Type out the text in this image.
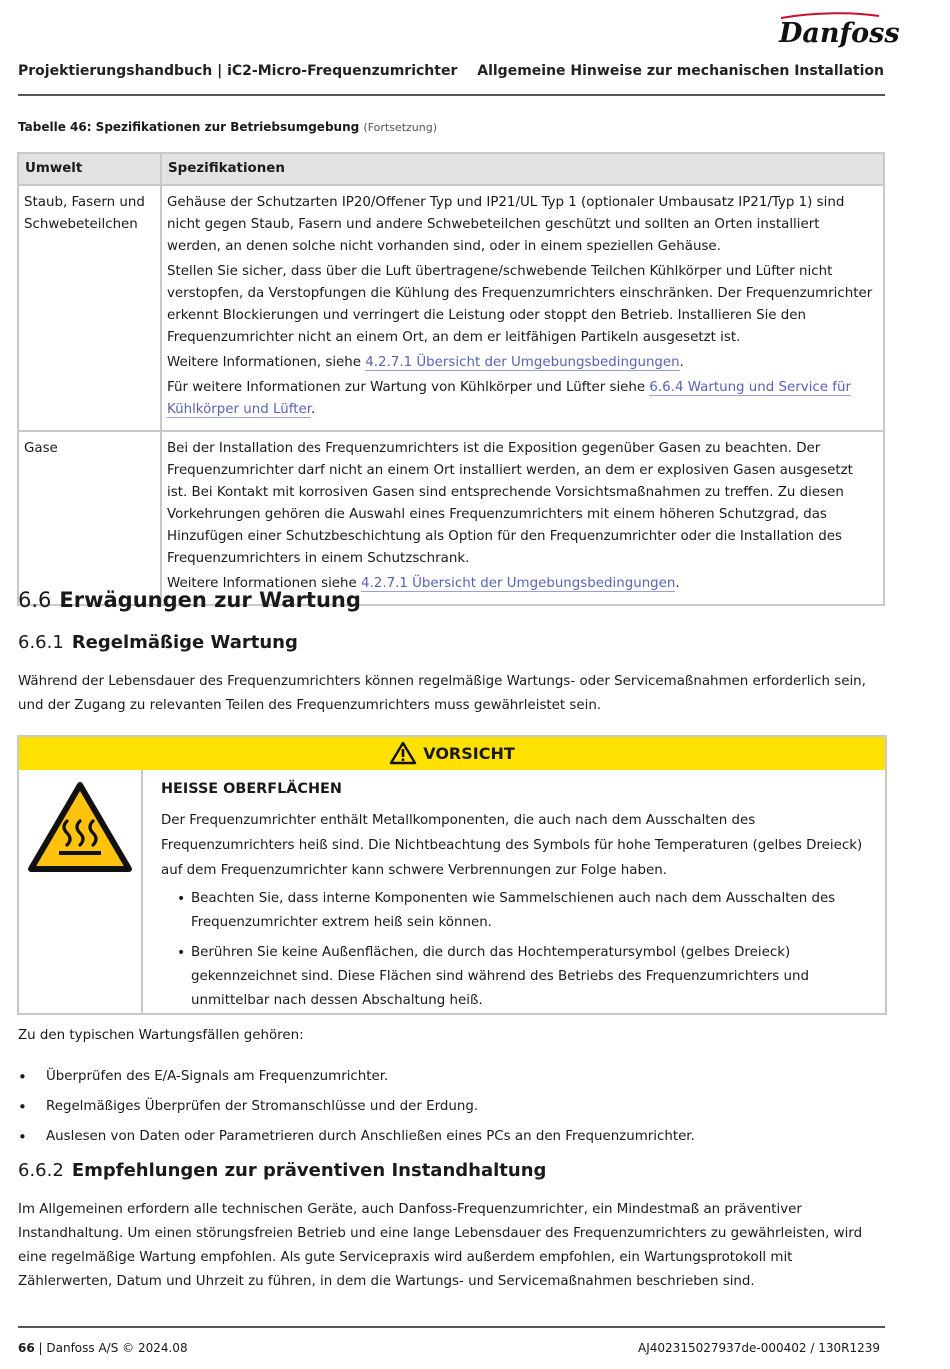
Danfoss
Projektierungshandbuch | iC2-Micro-Frequenzumrichter Allgemeine Hinweise zur mechanischen Installation
Tabelle 46: Spezifikationen zur Betriebsumgebung (Fortsetzung)
Umwelt	Spezifikationen
Staub, Fasern und Schwebeteilchen	Gehäuse der Schutzarten IP20/Offener Typ und IP21/UL Typ 1 (optionaler Umbausatz IP21/Typ 1) sind nicht gegen Staub, Fasern und andere Schwebeteilchen geschützt und sollten an Orten installiert werden, an denen solche nicht vorhanden sind, oder in einem speziellen Gehäuse.

Stellen Sie sicher, dass über die Luft übertragene/schwebende Teilchen Kühlkörper und Lüfter nicht verstopfen, da Verstopfungen die Kühlung des Frequenzumrichters einschränken. Der Frequenzumrichter erkennt Blockierungen und verringert die Leistung oder stoppt den Betrieb. Installieren Sie den Frequenzumrichter nicht an einem Ort, an dem er leitfähigen Partikeln ausgesetzt ist.

Weitere Informationen, siehe 4.2.7.1 Übersicht der Umgebungsbedingungen.

Für weitere Informationen zur Wartung von Kühlkörper und Lüfter siehe 6.6.4 Wartung und Service für Kühlkörper und Lüfter.

Gase	Bei der Installation des Frequenzumrichters ist die Exposition gegenüber Gasen zu beachten. Der Frequenzumrichter darf nicht an einem Ort installiert werden, an dem er explosiven Gasen ausgesetzt ist. Bei Kontakt mit korrosiven Gasen sind entsprechende Vorsichtsmaßnahmen zu treffen. Zu diesen Vorkehrungen gehören die Auswahl eines Frequenzumrichters mit einem höheren Schutzgrad, das Hinzufügen einer Schutzbeschichtung als Option für den Frequenzumrichter oder die Installation des Frequenzumrichters in einem Schutzschrank.

Weitere Informationen siehe 4.2.7.1 Übersicht der Umgebungsbedingungen.

6.6 Erwägungen zur Wartung
6.6.1 Regelmäßige Wartung
Während der Lebensdauer des Frequenzumrichters können regelmäßige Wartungs- oder Servicemaßnahmen erforderlich sein, und der Zugang zu relevanten Teilen des Frequenzumrichters muss gewährleistet sein.
VORSICHT
HEISSE OBERFLÄCHEN
Der Frequenzumrichter enthält Metallkomponenten, die auch nach dem Ausschalten des Frequenzumrichters heiß sind. Die Nichtbeachtung des Symbols für hohe Temperaturen (gelbes Dreieck) auf dem Frequenzumrichter kann schwere Verbrennungen zur Folge haben.
• Beachten Sie, dass interne Komponenten wie Sammelschienen auch nach dem Ausschalten des Frequenzumrichter extrem heiß sein können.
• Berühren Sie keine Außenflächen, die durch das Hochtemperatursymbol (gelbes Dreieck) gekennzeichnet sind. Diese Flächen sind während des Betriebs des Frequenzumrichters und unmittelbar nach dessen Abschaltung heiß.
Zu den typischen Wartungsfällen gehören:
• Überprüfen des E/A-Signals am Frequenzumrichter.
• Regelmäßiges Überprüfen der Stromanschlüsse und der Erdung.
• Auslesen von Daten oder Parametrieren durch Anschließen eines PCs an den Frequenzumrichter.
6.6.2 Empfehlungen zur präventiven Instandhaltung
Im Allgemeinen erfordern alle technischen Geräte, auch Danfoss-Frequenzumrichter, ein Mindestmaß an präventiver Instandhaltung. Um einen störungsfreien Betrieb und eine lange Lebensdauer des Frequenzumrichters zu gewährleisten, wird eine regelmäßige Wartung empfohlen. Als gute Servicepraxis wird außerdem empfohlen, ein Wartungsprotokoll mit Zählerwerten, Datum und Uhrzeit zu führen, in dem die Wartungs- und Servicemaßnahmen beschrieben sind.
66 | Danfoss A/S © 2024.08	AJ402315027937de-000402 / 130R1239
